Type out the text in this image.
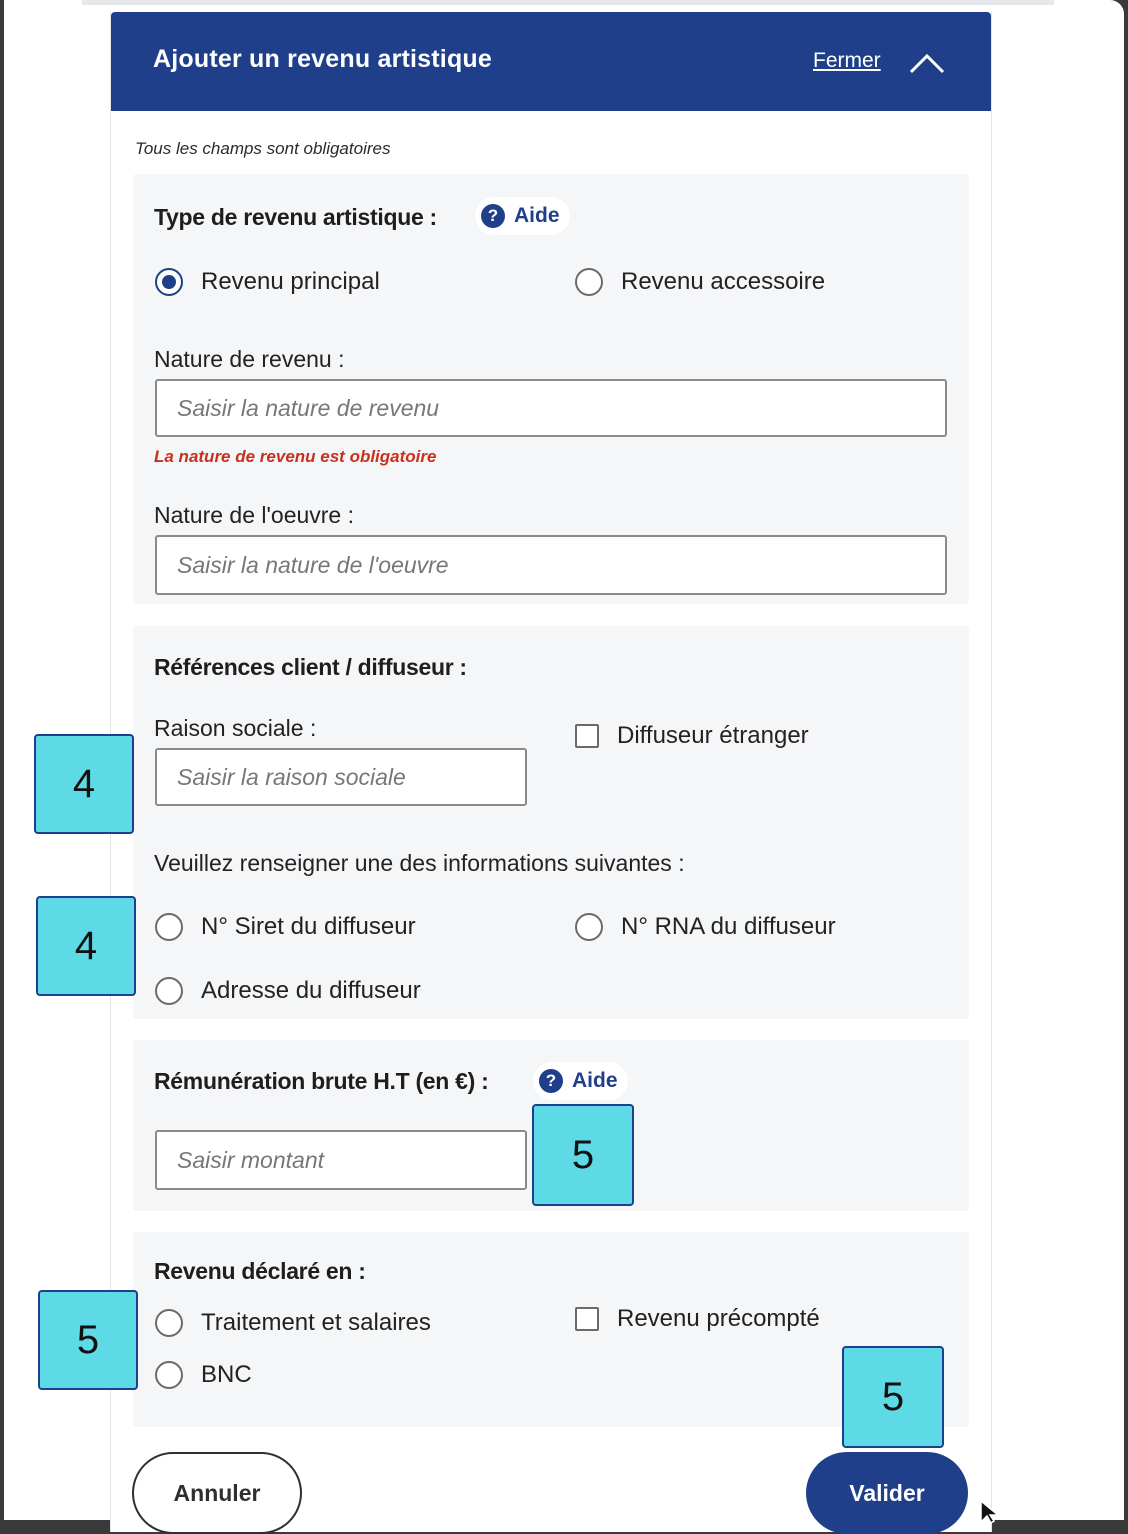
Ajouter un revenu artistique	Fermer
Tous les champs sont obligatoires
Type de revenu artistique :	? Aide
Revenu principal	Revenu accessoire
Nature de revenu :
Saisir la nature de revenu
La nature de revenu est obligatoire
Nature de l'oeuvre :
Saisir la nature de l'oeuvre
Références client / diffuseur :
Raison sociale :
Saisir la raison sociale	Diffuseur étranger
Veuillez renseigner une des informations suivantes :
N° Siret du diffuseur	N° RNA du diffuseur
Adresse du diffuseur
Rémunération brute H.T (en €) :	? Aide
Saisir montant
Revenu déclaré en :
Traitement et salaires
BNC
Revenu précompté
Annuler	Valider
4
4
5
5
5
